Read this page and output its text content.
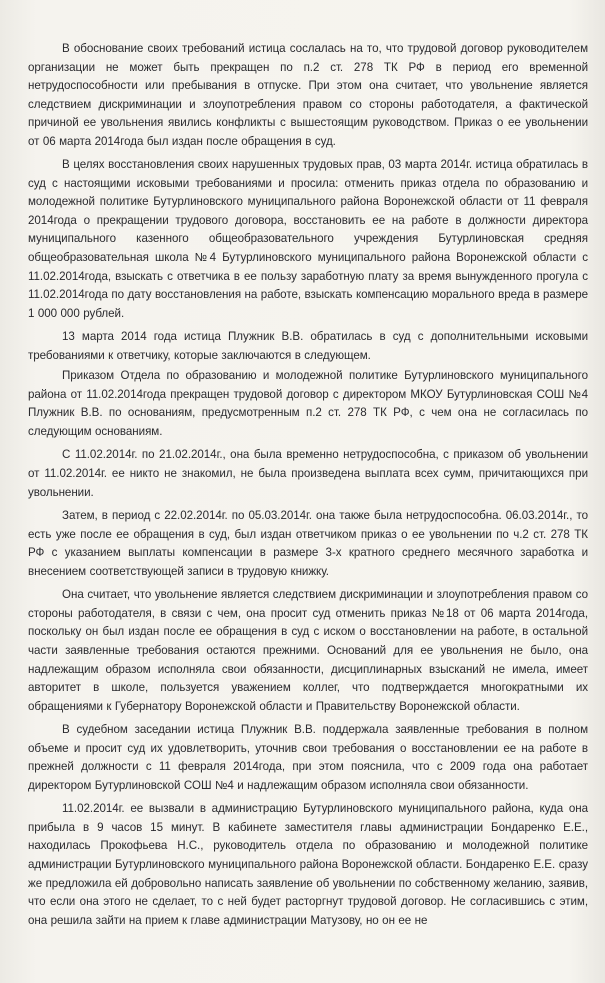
В обоснование своих требований истица сослалась на то, что трудовой договор руководителем организации не может быть прекращен по п.2 ст. 278 ТК РФ в период его временной нетрудоспособности или пребывания в отпуске. При этом она считает, что увольнение является следствием дискриминации и злоупотребления правом со стороны работодателя, а фактической причиной ее увольнения явились конфликты с вышестоящим руководством. Приказ о ее увольнении от 06 марта 2014года был издан после обращения в суд.

В целях восстановления своих нарушенных трудовых прав, 03 марта 2014г. истица обратилась в суд с настоящими исковыми требованиями и просила: отменить приказ отдела по образованию и молодежной политике Бутурлиновского муниципального района Воронежской области от 11 февраля 2014года о прекращении трудового договора, восстановить ее на работе в должности директора муниципального казенного общеобразовательного учреждения Бутурлиновская средняя общеобразовательная школа №4 Бутурлиновского муниципального района Воронежской области с 11.02.2014года, взыскать с ответчика в ее пользу заработную плату за время вынужденного прогула с 11.02.2014года по дату восстановления на работе, взыскать компенсацию морального вреда в размере 1 000 000 рублей.

13 марта 2014 года истица Плужник В.В. обратилась в суд с дополнительными исковыми требованиями к ответчику, которые заключаются в следующем.

Приказом Отдела по образованию и молодежной политике Бутурлиновского муниципального района от 11.02.2014года прекращен трудовой договор с директором МКОУ Бутурлиновская СОШ №4 Плужник В.В. по основаниям, предусмотренным п.2 ст. 278 ТК РФ, с чем она не согласилась по следующим основаниям.

С 11.02.2014г. по 21.02.2014г., она была временно нетрудоспособна, с приказом об увольнении от 11.02.2014г. ее никто не знакомил, не была произведена выплата всех сумм, причитающихся при увольнении.

Затем, в период с 22.02.2014г. по 05.03.2014г. она также была нетрудоспособна. 06.03.2014г., то есть уже после ее обращения в суд, был издан ответчиком приказ о ее увольнении по ч.2 ст. 278 ТК РФ с указанием выплаты компенсации в размере 3-х кратного среднего месячного заработка и внесением соответствующей записи в трудовую книжку.

Она считает, что увольнение является следствием дискриминации и злоупотребления правом со стороны работодателя, в связи с чем, она просит суд отменить приказ №18 от 06 марта 2014года, поскольку он был издан после ее обращения в суд с иском о восстановлении на работе, в остальной части заявленные требования остаются прежними. Оснований для ее увольнения не было, она надлежащим образом исполняла свои обязанности, дисциплинарных взысканий не имела, имеет авторитет в школе, пользуется уважением коллег, что подтверждается многократными их обращениями к Губернатору Воронежской области и Правительству Воронежской области.

В судебном заседании истица Плужник В.В. поддержала заявленные требования в полном объеме и просит суд их удовлетворить, уточнив свои требования о восстановлении ее на работе в прежней должности с 11 февраля 2014года, при этом пояснила, что с 2009 года она работает директором Бутурлиновской СОШ №4 и надлежащим образом исполняла свои обязанности.

11.02.2014г. ее вызвали в администрацию Бутурлиновского муниципального района, куда она прибыла в 9 часов 15 минут. В кабинете заместителя главы администрации Бондаренко Е.Е., находилась Прокофьева Н.С., руководитель отдела по образованию и молодежной политике администрации Бутурлиновского муниципального района Воронежской области. Бондаренко Е.Е. сразу же предложила ей добровольно написать заявление об увольнении по собственному желанию, заявив, что если она этого не сделает, то с ней будет расторгнут трудовой договор. Не согласившись с этим, она решила зайти на прием к главе администрации Матузову, но он ее не
